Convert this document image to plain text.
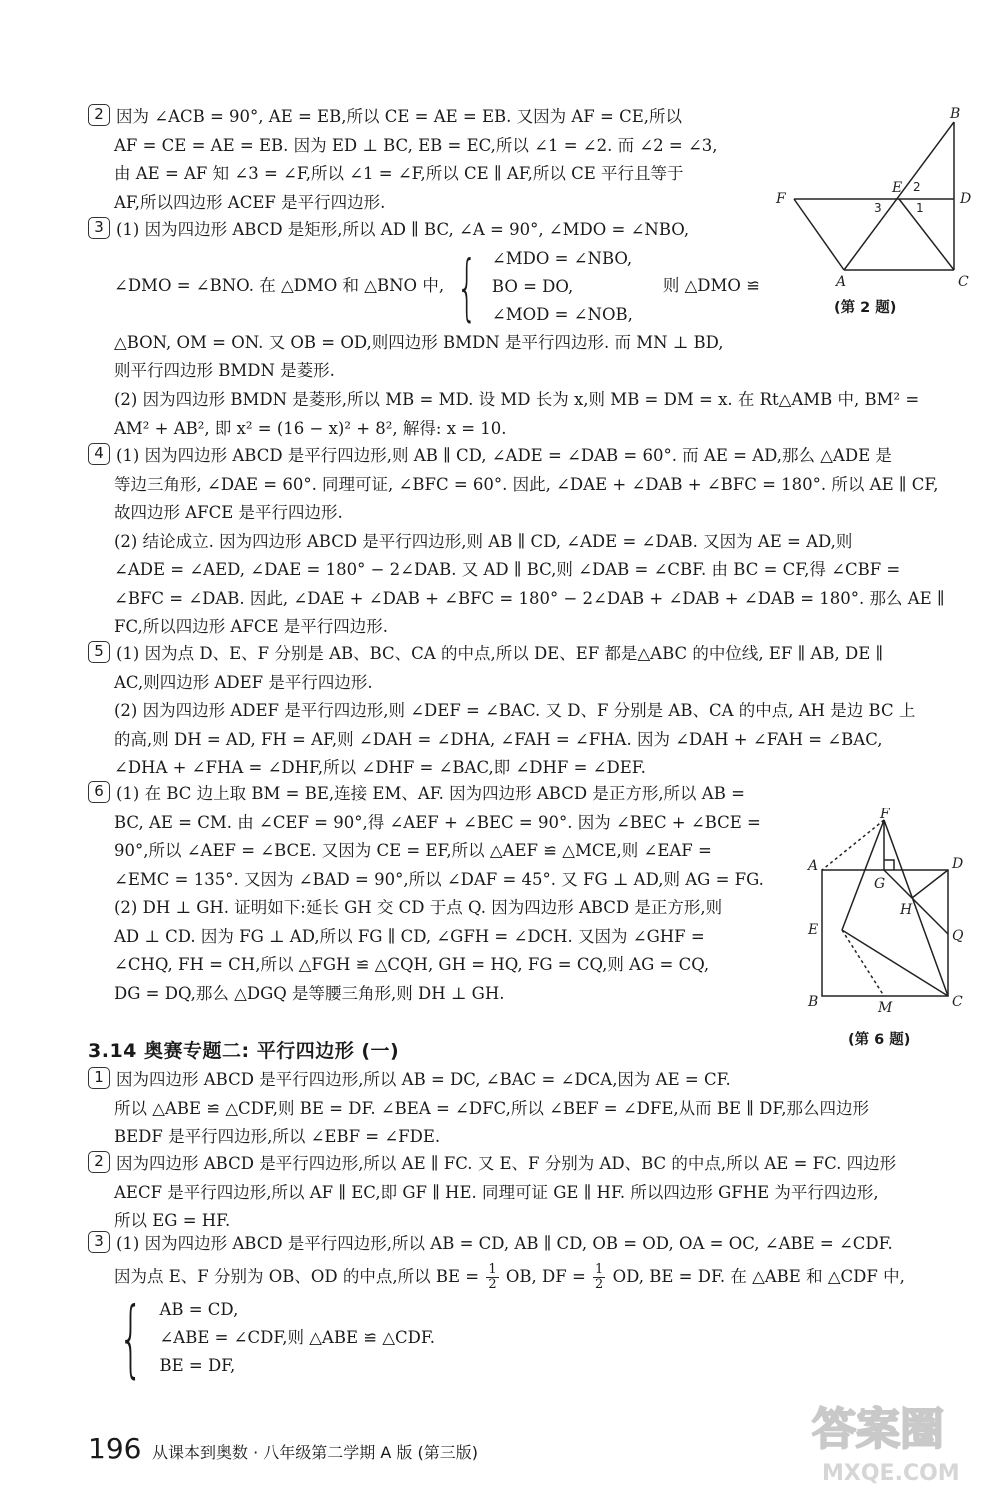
2 因为 ∠ACB = 90°, AE = EB,所以 CE = AE = EB. 又因为 AF = CE,所以
AF = CE = AE = EB. 因为 ED ⊥ BC, EB = EC,所以 ∠1 = ∠2. 而 ∠2 = ∠3,
由 AE = AF 知 ∠3 = ∠F,所以 ∠1 = ∠F,所以 CE ∥ AF,所以 CE 平行且等于
AF,所以四边形 ACEF 是平行四边形.
3 (1) 因为四边形 ABCD 是矩形,所以 AD ∥ BC, ∠A = 90°, ∠MDO = ∠NBO,
∠DMO = ∠BNO. 在 △DMO 和 △BNO 中, { ∠MDO = ∠NBO,
BO = DO,
∠MOD = ∠NOB,
则 △DMO ≌
△BON, OM = ON. 又 OB = OD,则四边形 BMDN 是平行四边形. 而 MN ⊥ BD,
则平行四边形 BMDN 是菱形.
(2) 因为四边形 BMDN 是菱形,所以 MB = MD. 设 MD 长为 x,则 MB = DM = x. 在 Rt△AMB 中, BM² =
AM² + AB², 即 x² = (16 − x)² + 8², 解得: x = 10.
4 (1) 因为四边形 ABCD 是平行四边形,则 AB ∥ CD, ∠ADE = ∠DAB = 60°. 而 AE = AD,那么 △ADE 是
等边三角形, ∠DAE = 60°. 同理可证, ∠BFC = 60°. 因此, ∠DAE + ∠DAB + ∠BFC = 180°. 所以 AE ∥ CF,
故四边形 AFCE 是平行四边形.
(2) 结论成立. 因为四边形 ABCD 是平行四边形,则 AB ∥ CD, ∠ADE = ∠DAB. 又因为 AE = AD,则
∠ADE = ∠AED, ∠DAE = 180° − 2∠DAB. 又 AD ∥ BC,则 ∠DAB = ∠CBF. 由 BC = CF,得 ∠CBF =
∠BFC = ∠DAB. 因此, ∠DAE + ∠DAB + ∠BFC = 180° − 2∠DAB + ∠DAB + ∠DAB = 180°. 那么 AE ∥
FC,所以四边形 AFCE 是平行四边形.
5 (1) 因为点 D、E、F 分别是 AB、BC、CA 的中点,所以 DE、EF 都是△ABC 的中位线, EF ∥ AB, DE ∥
AC,则四边形 ADEF 是平行四边形.
(2) 因为四边形 ADEF 是平行四边形,则 ∠DEF = ∠BAC. 又 D、F 分别是 AB、CA 的中点, AH 是边 BC 上
的高,则 DH = AD, FH = AF,则 ∠DAH = ∠DHA, ∠FAH = ∠FHA. 因为 ∠DAH + ∠FAH = ∠BAC,
∠DHA + ∠FHA = ∠DHF,所以 ∠DHF = ∠BAC,即 ∠DHF = ∠DEF.
6 (1) 在 BC 边上取 BM = BE,连接 EM、AF. 因为四边形 ABCD 是正方形,所以 AB =
BC, AE = CM. 由 ∠CEF = 90°,得 ∠AEF + ∠BEC = 90°. 因为 ∠BEC + ∠BCE =
90°,所以 ∠AEF = ∠BCE. 又因为 CE = EF,所以 △AEF ≌ △MCE,则 ∠EAF =
∠EMC = 135°. 又因为 ∠BAD = 90°,所以 ∠DAF = 45°. 又 FG ⊥ AD,则 AG = FG.
(2) DH ⊥ GH. 证明如下:延长 GH 交 CD 于点 Q. 因为四边形 ABCD 是正方形,则
AD ⊥ CD. 因为 FG ⊥ AD,所以 FG ∥ CD, ∠GFH = ∠DCH. 又因为 ∠GHF =
∠CHQ, FH = CH,所以 △FGH ≌ △CQH, GH = HQ, FG = CQ,则 AG = CQ,
DG = DQ,那么 △DGQ 是等腰三角形,则 DH ⊥ GH.
B
F
E
D
A	C
1
2
3
(第 2 题)
F
A	D
G
H
E	Q
B	M	C
(第 6 题)
3.14 奥赛专题二: 平行四边形 (一)
1 因为四边形 ABCD 是平行四边形,所以 AB = DC, ∠BAC = ∠DCA,因为 AE = CF.
所以 △ABE ≌ △CDF,则 BE = DF. ∠BEA = ∠DFC,所以 ∠BEF = ∠DFE,从而 BE ∥ DF,那么四边形
BEDF 是平行四边形,所以 ∠EBF = ∠FDE.
2 因为四边形 ABCD 是平行四边形,所以 AE ∥ FC. 又 E、F 分别为 AD、BC 的中点,所以 AE = FC. 四边形
AECF 是平行四边形,所以 AF ∥ EC,即 GF ∥ HE. 同理可证 GE ∥ HF. 所以四边形 GFHE 为平行四边形,
所以 EG = HF.
3 (1) 因为四边形 ABCD 是平行四边形,所以 AB = CD, AB ∥ CD, OB = OD, OA = OC, ∠ABE = ∠CDF.
因为点 E、F 分别为 OB、OD 的中点,所以 BE = $\frac{1}{2}$ OB, DF = $\frac{1}{2}$ OD, BE = DF. 在 △ABE 和 △CDF 中,
{ AB = CD,
∠ABE = ∠CDF,则 △ABE ≌ △CDF.
BE = DF,
196 从课本到奥数 · 八年级第二学期 A 版 (第三版)	答案圈
MXQE.COM
